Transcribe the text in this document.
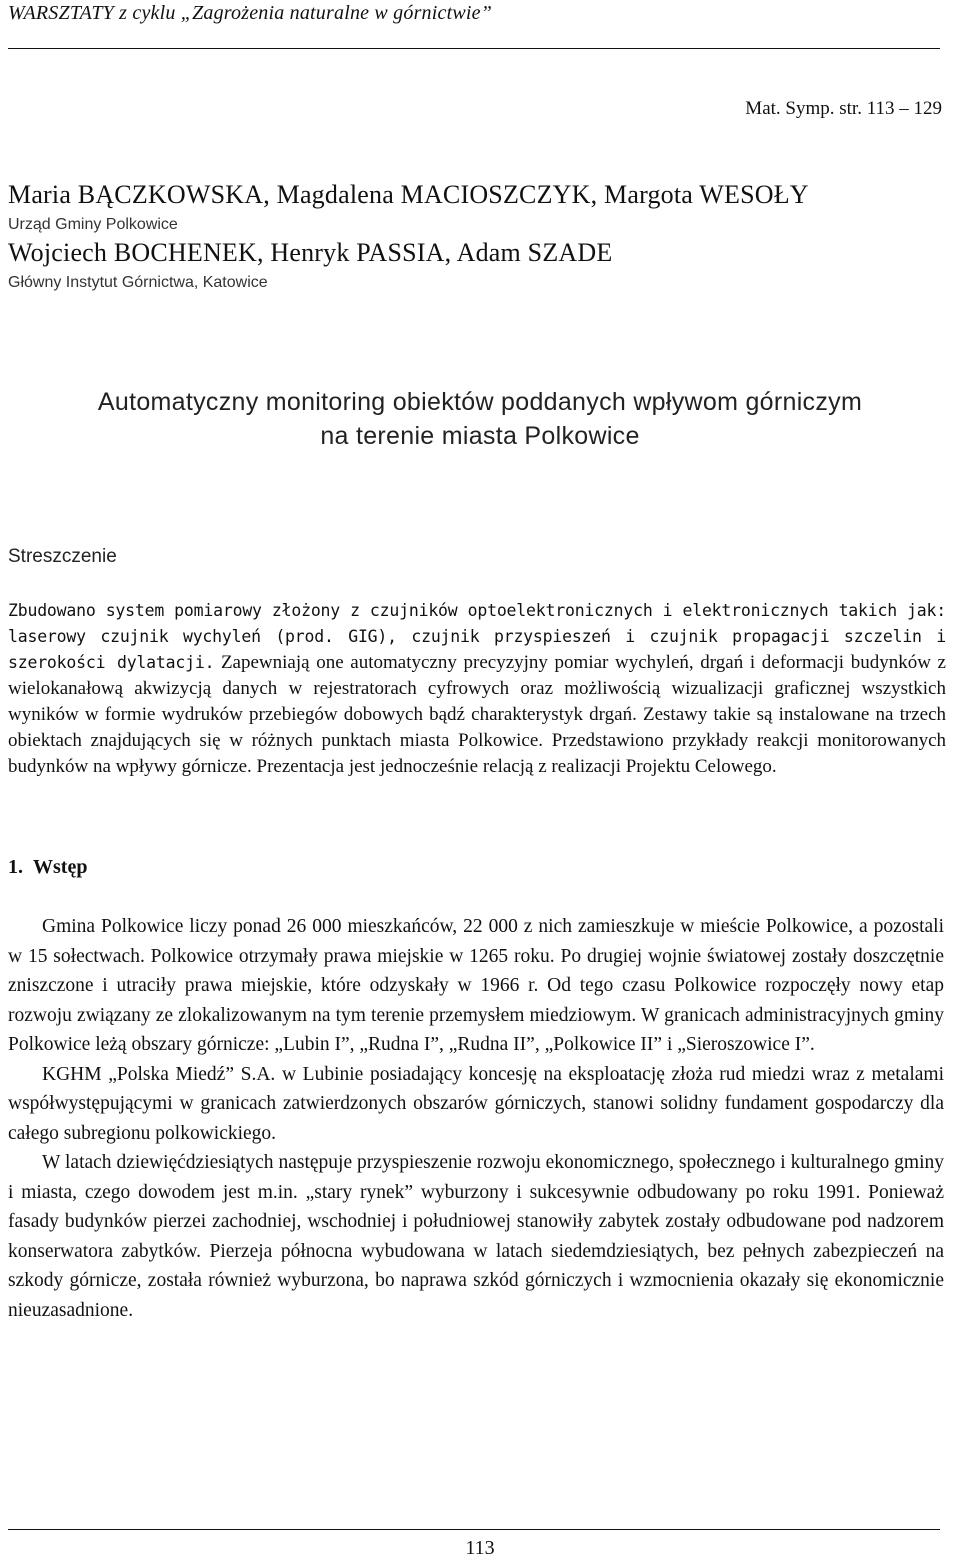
WARSZTATY z cyklu „Zagrożenia naturalne w górnictwie”
Mat. Symp. str. 113 – 129
Maria BĄCZKOWSKA, Magdalena MACIOSZCZYK, Margota WESOŁY
Urząd Gminy Polkowice
Wojciech BOCHENEK, Henryk PASSIA, Adam SZADE
Główny Instytut Górnictwa, Katowice
Automatyczny monitoring obiektów poddanych wpływom górniczym
na terenie miasta Polkowice
Streszczenie

Zbudowano system pomiarowy złożony z czujników optoelektronicznych i elektronicznych takich jak: laserowy czujnik wychyleń (prod. GIG), czujnik przyspieszeń i czujnik propagacji szczelin i szerokości dylatacji. Zapewniają one automatyczny precyzyjny pomiar wychyleń, drgań i deformacji budynków z wielokanałową akwizycją danych w rejestratorach cyfrowych oraz możliwością wizualizacji graficznej wszystkich wyników w formie wydruków przebiegów dobowych bądź charakterystyk drgań. Zestawy takie są instalowane na trzech obiektach znajdujących się w różnych punktach miasta Polkowice. Przedstawiono przykłady reakcji monitorowanych budynków na wpływy górnicze. Prezentacja jest jednocześnie relacją z realizacji Projektu Celowego.

1. Wstęp

Gmina Polkowice liczy ponad 26 000 mieszkańców, 22 000 z nich zamieszkuje w mieście Polkowice, a pozostali w 15 sołectwach. Polkowice otrzymały prawa miejskie w 1265 roku. Po drugiej wojnie światowej zostały doszczętnie zniszczone i utraciły prawa miejskie, które odzyskały w 1966 r. Od tego czasu Polkowice rozpoczęły nowy etap rozwoju związany ze zlokalizowanym na tym terenie przemysłem miedziowym. W granicach administracyjnych gminy Polkowice leżą obszary górnicze: „Lubin I”, „Rudna I”, „Rudna II”, „Polkowice II” i „Sieroszowice I”.

KGHM „Polska Miedź” S.A. w Lubinie posiadający koncesję na eksploatację złoża rud miedzi wraz z metalami współwystępującymi w granicach zatwierdzonych obszarów górniczych, stanowi solidny fundament gospodarczy dla całego subregionu polkowickiego.

W latach dziewięćdziesiątych następuje przyspieszenie rozwoju ekonomicznego, społecznego i kulturalnego gminy i miasta, czego dowodem jest m.in. „stary rynek” wyburzony i sukcesywnie odbudowany po roku 1991. Ponieważ fasady budynków pierzei zachodniej, wschodniej i południowej stanowiły zabytek zostały odbudowane pod nadzorem konserwatora zabytków. Pierzeja północna wybudowana w latach siedemdziesiątych, bez pełnych zabezpieczeń na szkody górnicze, została również wyburzona, bo naprawa szkód górniczych i wzmocnienia okazały się ekonomicznie nieuzasadnione.

113
